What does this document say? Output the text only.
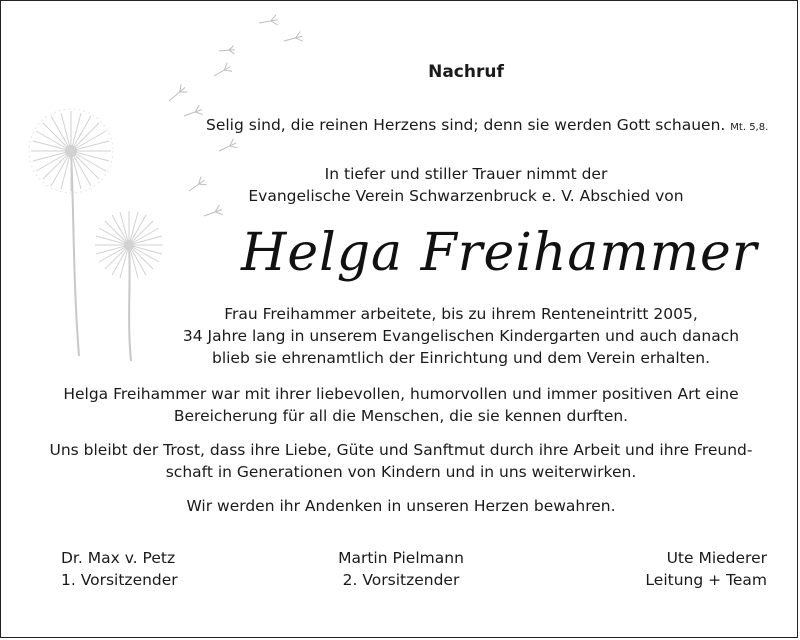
Nachruf
Selig sind, die reinen Herzens sind; denn sie werden Gott schauen. Mt. 5,8.
In tiefer und stiller Trauer nimmt der
Evangelische Verein Schwarzenbruck e. V. Abschied von
Helga Freihammer
Frau Freihammer arbeitete, bis zu ihrem Renteneintritt 2005,
34 Jahre lang in unserem Evangelischen Kindergarten und auch danach
blieb sie ehrenamtlich der Einrichtung und dem Verein erhalten.
Helga Freihammer war mit ihrer liebevollen, humorvollen und immer positiven Art eine
Bereicherung für all die Menschen, die sie kennen durften.
Uns bleibt der Trost, dass ihre Liebe, Güte und Sanftmut durch ihre Arbeit und ihre Freund-
schaft in Generationen von Kindern und in uns weiterwirken.
Wir werden ihr Andenken in unseren Herzen bewahren.
Dr. Max v. Petz
1. Vorsitzender
Martin Pielmann
2. Vorsitzender
Ute Miederer
Leitung + Team
